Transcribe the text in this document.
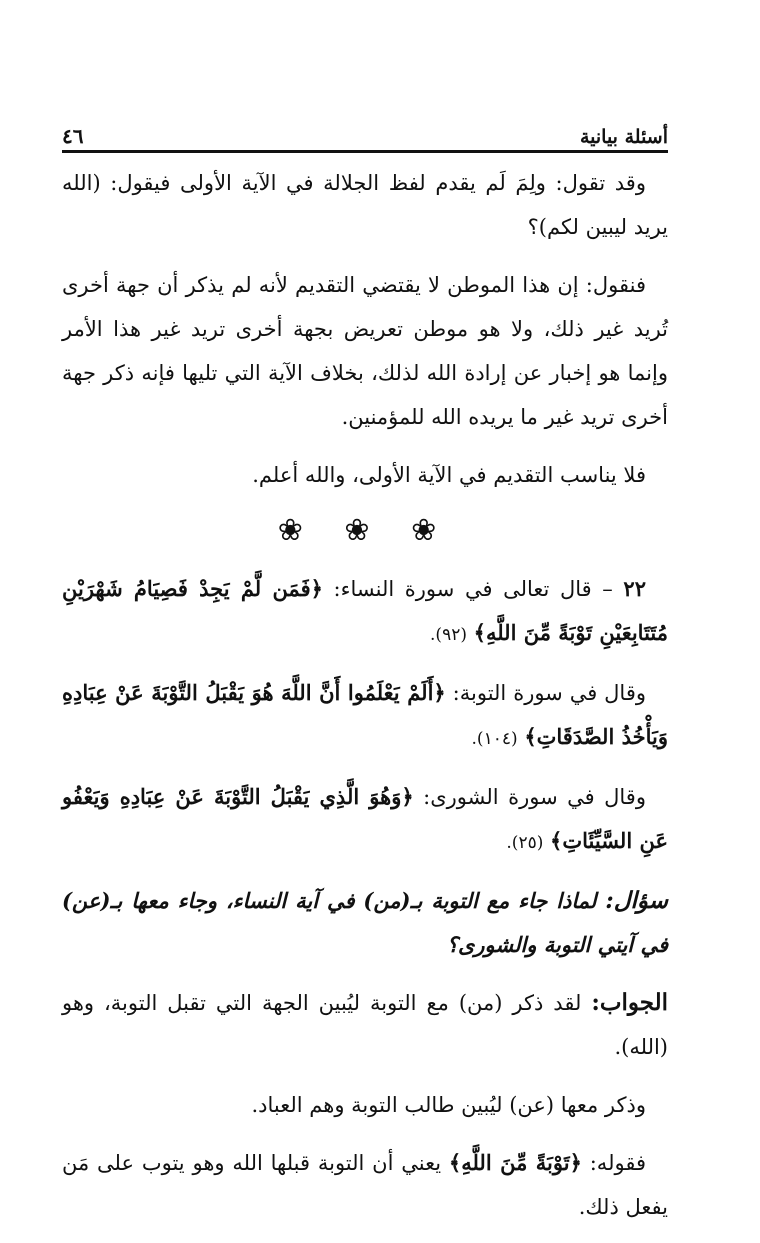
أسئلة بيانية
٤٦

وقد تقول: ولِمَ لَم يقدم لفظ الجلالة في الآية الأولى فيقول: (الله يريد ليبين لكم)؟

فنقول: إن هذا الموطن لا يقتضي التقديم لأنه لم يذكر أن جهة أخرى تُريد غير ذلك، ولا هو موطن تعريض بجهة أخرى تريد غير هذا الأمر وإنما هو إخبار عن إرادة الله لذلك، بخلاف الآية التي تليها فإنه ذكر جهة أخرى تريد غير ما يريده الله للمؤمنين.

فلا يناسب التقديم في الآية الأولى، والله أعلم.

❀ ❀ ❀

٢٢ – قال تعالى في سورة النساء: ﴿فَمَن لَّمْ يَجِدْ فَصِيَامُ شَهْرَيْنِ مُتَتَابِعَيْنِ تَوْبَةً مِّنَ اللَّهِ﴾ (٩٢).

وقال في سورة التوبة: ﴿أَلَمْ يَعْلَمُوا أَنَّ اللَّهَ هُوَ يَقْبَلُ التَّوْبَةَ عَنْ عِبَادِهِ وَيَأْخُذُ الصَّدَقَاتِ﴾ (١٠٤).

وقال في سورة الشورى: ﴿وَهُوَ الَّذِي يَقْبَلُ التَّوْبَةَ عَنْ عِبَادِهِ وَيَعْفُو عَنِ السَّيِّئَاتِ﴾ (٢٥).

سؤال: لماذا جاء مع التوبة بـ(من) في آية النساء، وجاء معها بـ(عن) في آيتي التوبة والشورى؟

الجواب: لقد ذكر (من) مع التوبة ليُبين الجهة التي تقبل التوبة، وهو (الله).

وذكر معها (عن) ليُبين طالب التوبة وهم العباد.

فقوله: ﴿تَوْبَةً مِّنَ اللَّهِ﴾ يعني أن التوبة قبلها الله وهو يتوب على مَن يفعل ذلك.
